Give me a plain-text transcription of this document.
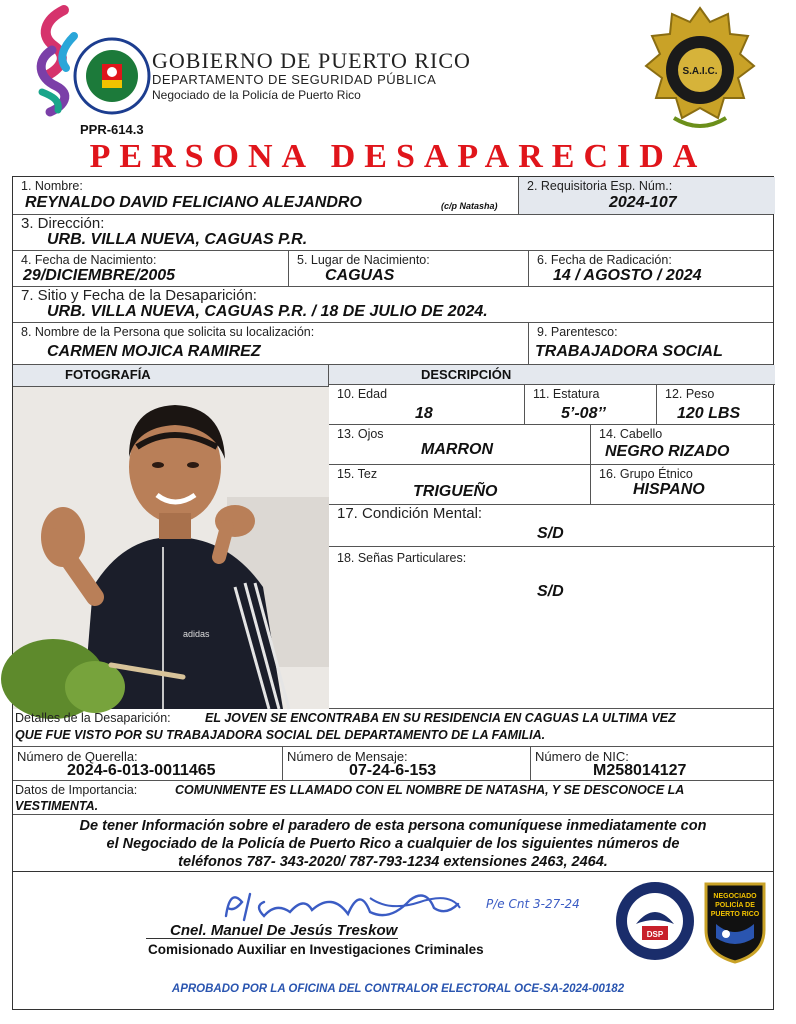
GOBIERNO DE PUERTO RICO
DEPARTAMENTO DE SEGURIDAD PÚBLICA
Negociado de la Policía de Puerto Rico
PPR-614.3
S.A.I.C.
PERSONA DESAPARECIDA
1. Nombre:
REYNALDO DAVID FELICIANO ALEJANDRO	(c/p Natasha)
2. Requisitoria Esp. Núm.:
2024-107
3. Dirección:
URB. VILLA NUEVA, CAGUAS P.R.
4. Fecha de Nacimiento:
29/DICIEMBRE/2005
5. Lugar de Nacimiento:
CAGUAS
6. Fecha de Radicación:
14 / AGOSTO / 2024
7. Sitio y Fecha de la Desaparición:
URB. VILLA NUEVA, CAGUAS P.R. / 18 DE JULIO DE 2024.
8. Nombre de la Persona que solicita su localización:
CARMEN MOJICA RAMIREZ
9. Parentesco:
TRABAJADORA SOCIAL
FOTOGRAFÍA
adidas
DESCRIPCIÓN
10. Edad
18
11. Estatura
5’-08’’
12. Peso
120 LBS
13. Ojos
MARRON
14. Cabello
NEGRO RIZADO
15. Tez
TRIGUEÑO
16. Grupo Étnico
HISPANO
17. Condición Mental:
S/D
18. Señas Particulares:
S/D
Detalles de la Desaparición:	EL JOVEN SE ENCONTRABA EN SU RESIDENCIA EN CAGUAS LA ULTIMA VEZ
QUE FUE VISTO POR SU TRABAJADORA SOCIAL DEL DEPARTAMENTO DE LA FAMILIA.
Número de Querella:
2024-6-013-0011465
Número de Mensaje:
07-24-6-153
Número de NIC:
M258014127
Datos de Importancia:	COMUNMENTE ES LLAMADO CON EL NOMBRE DE NATASHA, Y SE DESCONOCE LA
VESTIMENTA.
De tener Información sobre el paradero de esta persona comuníquese inmediatamente con
el Negociado de la Policía de Puerto Rico a cualquier de los siguientes números de
teléfonos 787- 343-2020/ 787-793-1234 extensiones 2463, 2464.
P/e Cnt 3-27-24
Cnel. Manuel De Jesús Treskow
Comisionado Auxiliar en Investigaciones Criminales
DSP
NEGOCIADO
POLICÍA DE
PUERTO RICO
APROBADO POR LA OFICINA DEL CONTRALOR ELECTORAL OCE-SA-2024-00182
